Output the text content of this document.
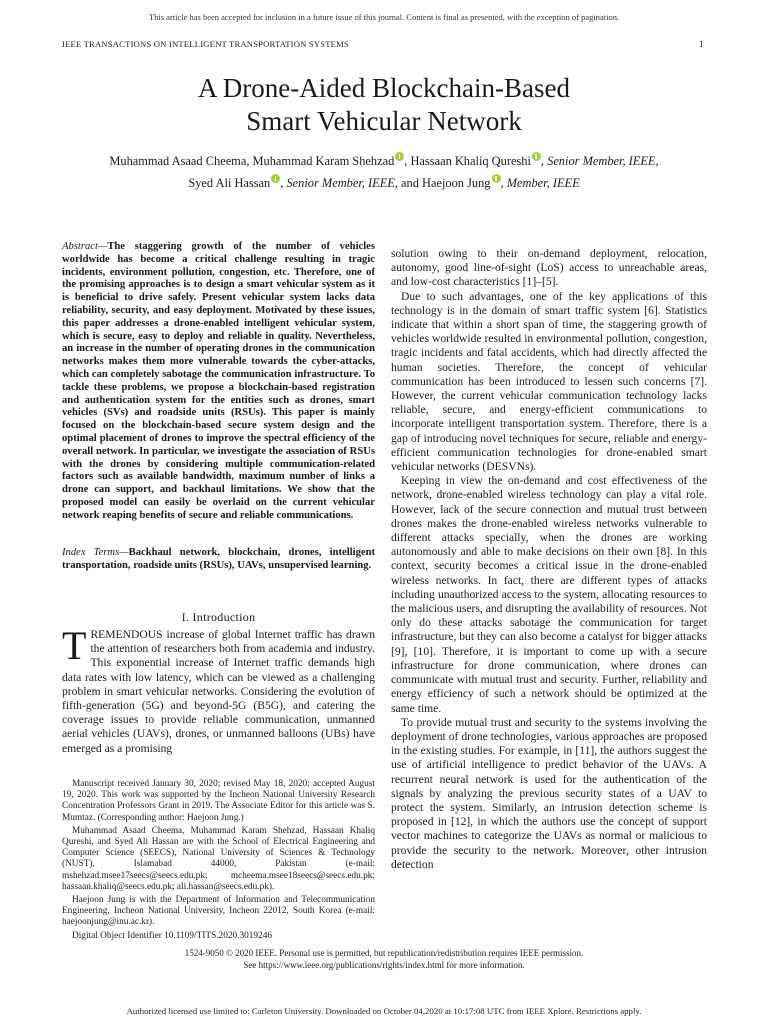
This article has been accepted for inclusion in a future issue of this journal. Content is final as presented, with the exception of pagination.
IEEE TRANSACTIONS ON INTELLIGENT TRANSPORTATION SYSTEMS	1
A Drone-Aided Blockchain-Based
Smart Vehicular Network
Muhammad Asaad Cheema, Muhammad Karam Shehzad , Hassaan Khaliq Qureshi , Senior Member, IEEE,
Syed Ali Hassan , Senior Member, IEEE, and Haejoon Jung , Member, IEEE
Abstract—The staggering growth of the number of vehicles worldwide has become a critical challenge resulting in tragic incidents, environment pollution, congestion, etc. Therefore, one of the promising approaches is to design a smart vehicular system as it is beneficial to drive safely. Present vehicular system lacks data reliability, security, and easy deployment. Motivated by these issues, this paper addresses a drone-enabled intelligent vehicular system, which is secure, easy to deploy and reliable in quality. Nevertheless, an increase in the number of operating drones in the communication networks makes them more vulnerable towards the cyber-attacks, which can completely sabotage the communication infrastructure. To tackle these problems, we propose a blockchain-based registration and authentication system for the entities such as drones, smart vehicles (SVs) and roadside units (RSUs). This paper is mainly focused on the blockchain-based secure system design and the optimal placement of drones to improve the spectral efficiency of the overall network. In particular, we investigate the association of RSUs with the drones by considering multiple communication-related factors such as available bandwidth, maximum number of links a drone can support, and backhaul limitations. We show that the proposed model can easily be overlaid on the current vehicular network reaping benefits of secure and reliable communications.
Index Terms—Backhaul network, blockchain, drones, intelligent transportation, roadside units (RSUs), UAVs, unsupervised learning.
I. Introduction
TREMENDOUS increase of global Internet traffic has drawn the attention of researchers both from academia and industry. This exponential increase of Internet traffic demands high data rates with low latency, which can be viewed as a challenging problem in smart vehicular networks. Considering the evolution of fifth-generation (5G) and beyond-5G (B5G), and catering the coverage issues to provide reliable communication, unmanned aerial vehicles (UAVs), drones, or unmanned balloons (UBs) have emerged as a promising

Manuscript received January 30, 2020; revised May 18, 2020; accepted August 19, 2020. This work was supported by the Incheon National University Research Concentration Professors Grant in 2019. The Associate Editor for this article was S. Mumtaz. (Corresponding author: Haejoon Jung.)

Muhammad Asaad Cheema, Muhammad Karam Shehzad, Hassaan Khaliq Qureshi, and Syed Ali Hassan are with the School of Electrical Engineering and Computer Science (SEECS), National University of Sciences & Technology (NUST), Islamabad 44000, Pakistan (e-mail: mshehzad.msee17seecs@seecs.edu.pk; mcheema.msee18seecs@seecs.edu.pk; hassaan.khaliq@seecs.edu.pk; ali.hassan@seecs.edu.pk).

Haejoon Jung is with the Department of Information and Telecommunication Engineering, Incheon National University, Incheon 22012, South Korea (e-mail: haejoonjung@inu.ac.kr).

Digital Object Identifier 10.1109/TITS.2020.3019246

solution owing to their on-demand deployment, relocation, autonomy, good line-of-sight (LoS) access to unreachable areas, and low-cost characteristics [1]–[5].

Due to such advantages, one of the key applications of this technology is in the domain of smart traffic system [6]. Statistics indicate that within a short span of time, the staggering growth of vehicles worldwide resulted in environmental pollution, congestion, tragic incidents and fatal accidents, which had directly affected the human societies. Therefore, the concept of vehicular communication has been introduced to lessen such concerns [7]. However, the current vehicular communication technology lacks reliable, secure, and energy-efficient communications to incorporate intelligent transportation system. Therefore, there is a gap of introducing novel techniques for secure, reliable and energy-efficient communication technologies for drone-enabled smart vehicular networks (DESVNs).

Keeping in view the on-demand and cost effectiveness of the network, drone-enabled wireless technology can play a vital role. However, lack of the secure connection and mutual trust between drones makes the drone-enabled wireless networks vulnerable to different attacks specially, when the drones are working autonomously and able to make decisions on their own [8]. In this context, security becomes a critical issue in the drone-enabled wireless networks. In fact, there are different types of attacks including unauthorized access to the system, allocating resources to the malicious users, and disrupting the availability of resources. Not only do these attacks sabotage the communication for target infrastructure, but they can also become a catalyst for bigger attacks [9], [10]. Therefore, it is important to come up with a secure infrastructure for drone communication, where drones can communicate with mutual trust and security. Further, reliability and energy efficiency of such a network should be optimized at the same time.

To provide mutual trust and security to the systems involving the deployment of drone technologies, various approaches are proposed in the existing studies. For example, in [11], the authors suggest the use of artificial intelligence to predict behavior of the UAVs. A recurrent neural network is used for the authentication of the signals by analyzing the previous security states of a UAV to protect the system. Similarly, an intrusion detection scheme is proposed in [12], in which the authors use the concept of support vector machines to categorize the UAVs as normal or malicious to provide the security to the network. Moreover, other intrusion detection

1524-9050 © 2020 IEEE. Personal use is permitted, but republication/redistribution requires IEEE permission.
See https://www.ieee.org/publications/rights/index.html for more information.
Authorized licensed use limited to: Carleton University. Downloaded on October 04,2020 at 10:17:08 UTC from IEEE Xplore. Restrictions apply.
